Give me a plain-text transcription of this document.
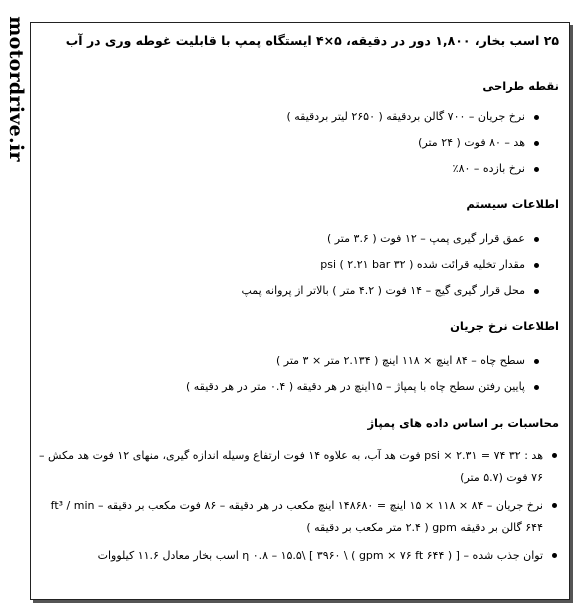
motordrive.ir	۲۵ اسب بخار، ۱,۸۰۰ دور در دقیقه، ۵×۴ ایستگاه پمپ با قابلیت غوطه وری در آب
نقطه طراحی
نرخ جریان – ۷۰۰ گالن بردقیقه ( ۲۶۵۰ لیتر بردقیقه )
هد – ۸۰ فوت ( ۲۴ متر)
نرخ بازده – ۸۰٪
اطلاعات سیستم
عمق قرار گیری پمپ – ۱۲ فوت ( ۳.۶ متر )
مقدار تخلیه قرائت شده ( ۳۲ psi ( ۲.۲۱ bar
محل قرار گیری گیج – ۱۴ فوت ( ۴.۲ متر ) بالاتر از پروانه پمپ
اطلاعات نرخ جریان
سطح چاه – ۸۴ اینچ × ۱۱۸ اینچ ( ۲.۱۳۴ متر × ۳ متر )
پایین رفتن سطح چاه با پمپاژ – ۱۵اینچ در هر دقیقه ( ۰.۴ متر در هر دقیقه )
محاسبات بر اساس داده های پمپاژ
هد : ۳۲ psi × ۲.۳۱ = ۷۴ فوت هد آب، به علاوه ۱۴ فوت ارتفاع وسیله اندازه گیری، منهای ۱۲ فوت هد مکش – ۷۶ فوت (۵.۷ متر)
نرخ جریان – ۸۴ × ۱۱۸ × ۱۵ اینچ = ۱۴۸۶۸۰ اینچ مکعب در هر دقیقه – ۸۶ فوت مکعب بر دقیقه ft³ / min – ۶۴۴ گالن بر دقیقه gpm ( ۲.۴ متر مکعب بر دقیقه )
توان جذب شده – [ ( ۶۴۴ gpm × ۷۶ ft ) \ ۳۹۶۰ ] \η ۰.۸ – ۱۵.۵ اسب بخار معادل ۱۱.۶ کیلووات
